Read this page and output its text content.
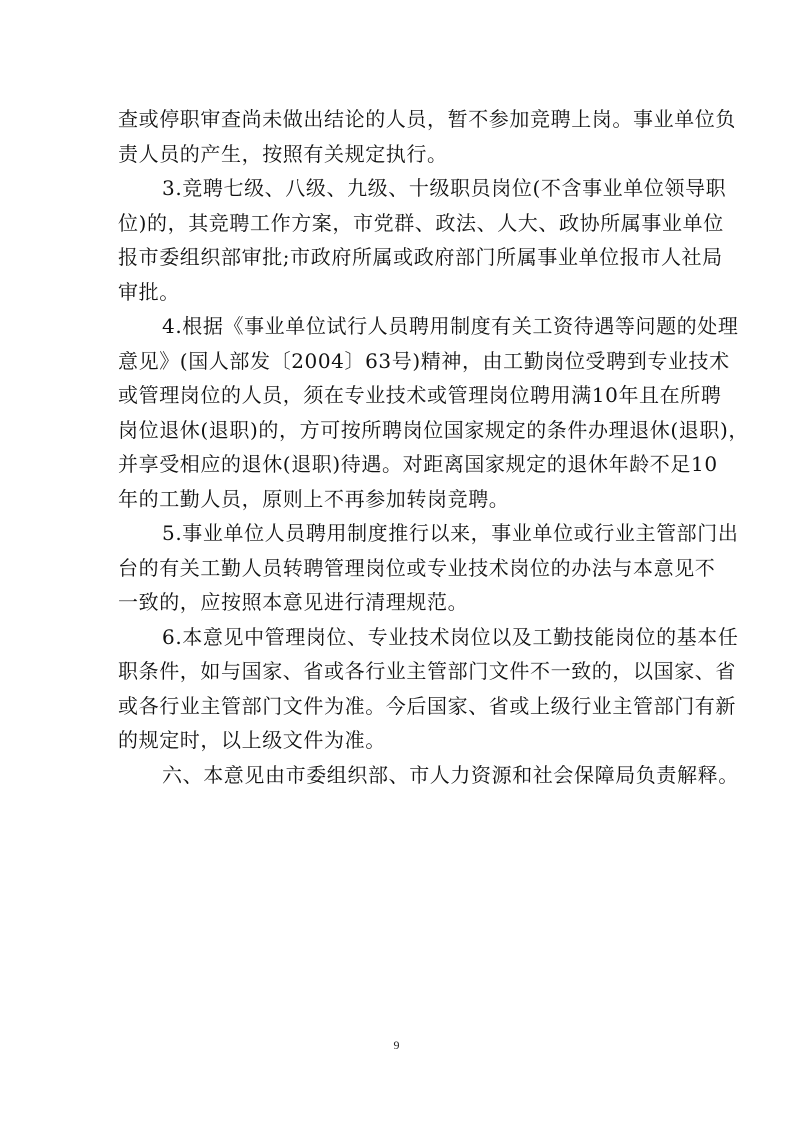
查或停职审查尚未做出结论的人员，暂不参加竞聘上岗。事业单位负
责人员的产生，按照有关规定执行。
3.竞聘七级、八级、九级、十级职员岗位(不含事业单位领导职
位)的，其竞聘工作方案，市党群、政法、人大、政协所属事业单位
报市委组织部审批;市政府所属或政府部门所属事业单位报市人社局
审批。
4.根据《事业单位试行人员聘用制度有关工资待遇等问题的处理
意见》(国人部发〔2004〕63号)精神，由工勤岗位受聘到专业技术
或管理岗位的人员，须在专业技术或管理岗位聘用满10年且在所聘
岗位退休(退职)的，方可按所聘岗位国家规定的条件办理退休(退职)，
并享受相应的退休(退职)待遇。对距离国家规定的退休年龄不足10
年的工勤人员，原则上不再参加转岗竞聘。
5.事业单位人员聘用制度推行以来，事业单位或行业主管部门出
台的有关工勤人员转聘管理岗位或专业技术岗位的办法与本意见不
一致的，应按照本意见进行清理规范。
6.本意见中管理岗位、专业技术岗位以及工勤技能岗位的基本任
职条件，如与国家、省或各行业主管部门文件不一致的，以国家、省
或各行业主管部门文件为准。今后国家、省或上级行业主管部门有新
的规定时，以上级文件为准。
六、本意见由市委组织部、市人力资源和社会保障局负责解释。
9
